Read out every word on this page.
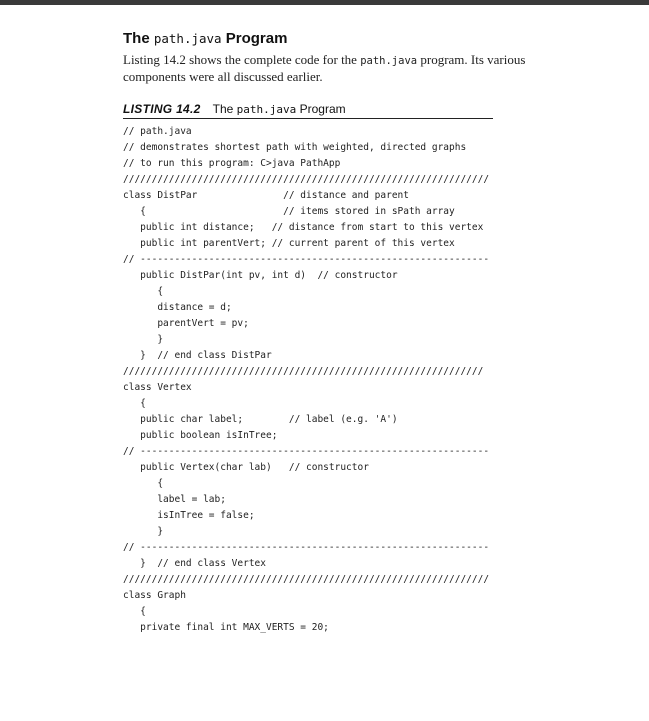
The path.java Program

Listing 14.2 shows the complete code for the path.java program. Its various components were all discussed earlier.

LISTING 14.2 The path.java Program
// path.java
// demonstrates shortest path with weighted, directed graphs
// to run this program: C>java PathApp
////////////////////////////////////////////////////////////////
class DistPar               // distance and parent
{                        // items stored in sPath array
public int distance;   // distance from start to this vertex
public int parentVert; // current parent of this vertex
// -------------------------------------------------------------
public DistPar(int pv, int d)  // constructor
{
distance = d;
parentVert = pv;
}
}  // end class DistPar
///////////////////////////////////////////////////////////////
class Vertex
{
public char label;        // label (e.g. 'A')
public boolean isInTree;
// -------------------------------------------------------------
public Vertex(char lab)   // constructor
{
label = lab;
isInTree = false;
}
// -------------------------------------------------------------
}  // end class Vertex
////////////////////////////////////////////////////////////////
class Graph
{
private final int MAX_VERTS = 20;
